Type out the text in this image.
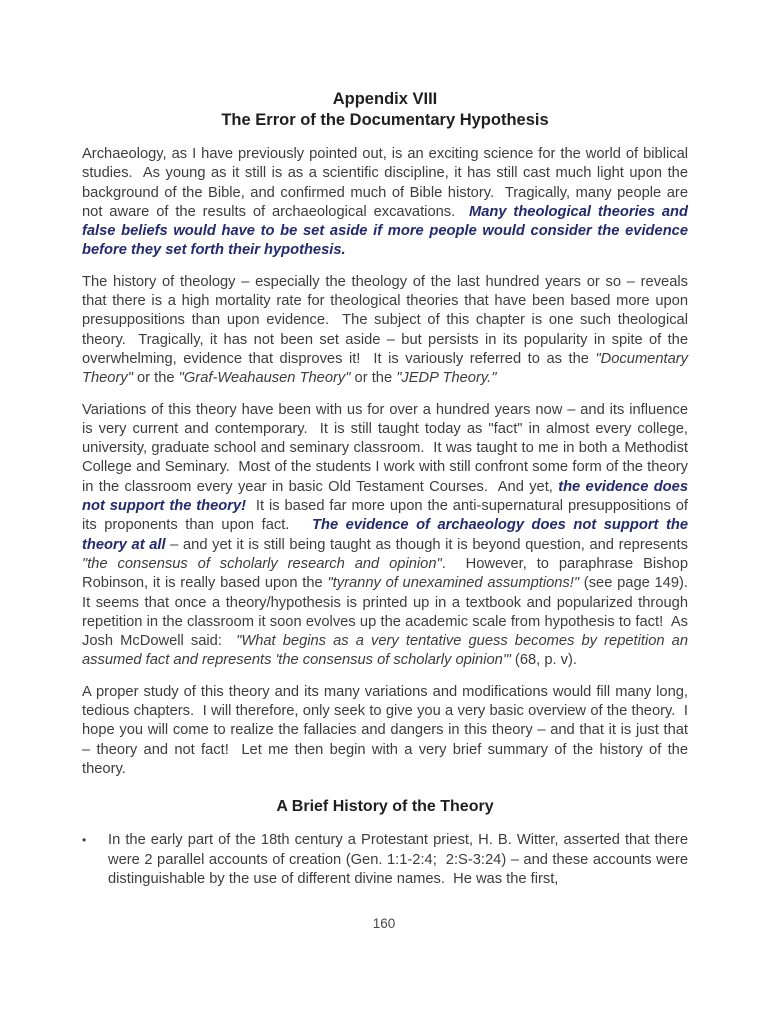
Appendix VIII
The Error of the Documentary Hypothesis

Archaeology, as I have previously pointed out, is an exciting science for the world of biblical studies.  As young as it still is as a scientific discipline, it has still cast much light upon the background of the Bible, and confirmed much of Bible history.  Tragically, many people are not aware of the results of archaeological excavations.  Many theological theories and false beliefs would have to be set aside if more people would consider the evidence before they set forth their hypothesis.

The history of theology – especially the theology of the last hundred years or so – reveals that there is a high mortality rate for theological theories that have been based more upon presuppositions than upon evidence.  The subject of this chapter is one such theological theory.  Tragically, it has not been set aside – but persists in its popularity in spite of the overwhelming, evidence that disproves it!  It is variously referred to as the "Documentary Theory" or the "Graf-Weahausen Theory" or the "JEDP Theory."

Variations of this theory have been with us for over a hundred years now – and its influence is very current and contemporary.  It is still taught today as "fact" in almost every college, university, graduate school and seminary classroom.  It was taught to me in both a Methodist College and Seminary.  Most of the students I work with still confront some form of the theory in the classroom every year in basic Old Testament Courses.  And yet, the evidence does not support the theory!  It is based far more upon the anti-supernatural presuppositions of its proponents than upon fact.   The evidence of archaeology does not support the theory at all – and yet it is still being taught as though it is beyond question, and represents "the consensus of scholarly research and opinion".  However, to paraphrase Bishop Robinson, it is really based upon the "tyranny of unexamined assumptions!" (see page 149).  It seems that once a theory/hypothesis is printed up in a textbook and popularized through repetition in the classroom it soon evolves up the academic scale from hypothesis to fact!  As Josh McDowell said:  "What begins as a very tentative guess becomes by repetition an assumed fact and represents 'the consensus of scholarly opinion'" (68, p. v).

A proper study of this theory and its many variations and modifications would fill many long, tedious chapters.  I will therefore, only seek to give you a very basic overview of the theory.  I hope you will come to realize the fallacies and dangers in this theory – and that it is just that – theory and not fact!  Let me then begin with a very brief summary of the history of the theory.

A Brief History of the Theory
•	In the early part of the 18th century a Protestant priest, H. B. Witter, asserted that there were 2 parallel accounts of creation (Gen. 1:1-2:4;  2:S-3:24) – and these accounts were distinguishable by the use of different divine names.  He was the first,
160
